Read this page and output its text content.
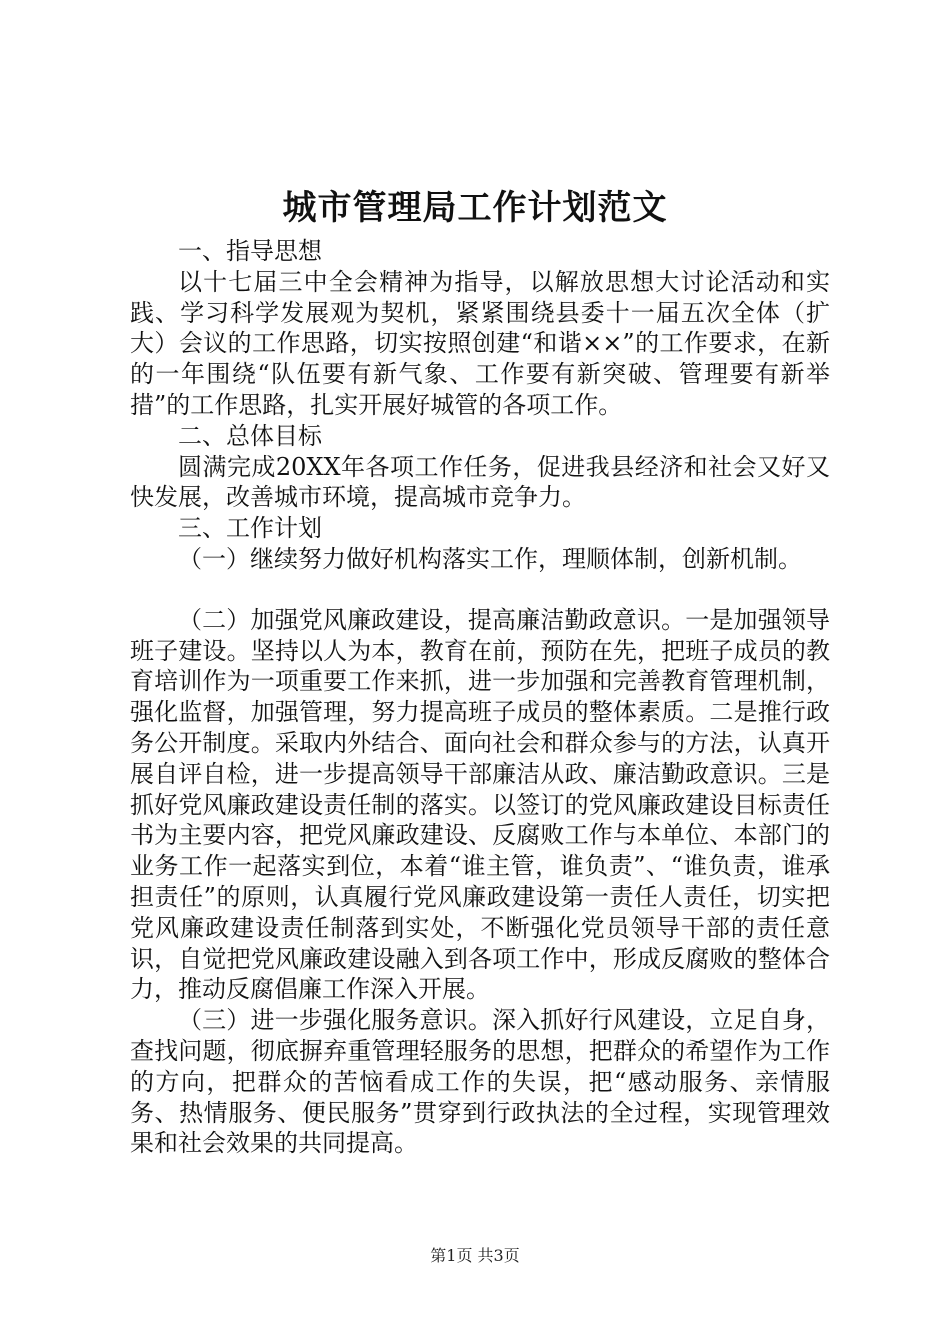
城市管理局工作计划范文

一、指导思想

以十七届三中全会精神为指导，以解放思想大讨论活动和实践、学习科学发展观为契机，紧紧围绕县委十一届五次全体（扩大）会议的工作思路，切实按照创建“和谐××”的工作要求，在新的一年围绕“队伍要有新气象、工作要有新突破、管理要有新举措”的工作思路，扎实开展好城管的各项工作。

二、总体目标

圆满完成20XX年各项工作任务，促进我县经济和社会又好又快发展，改善城市环境，提高城市竞争力。

三、工作计划

（一）继续努力做好机构落实工作，理顺体制，创新机制。

（二）加强党风廉政建设，提高廉洁勤政意识。一是加强领导班子建设。坚持以人为本，教育在前，预防在先，把班子成员的教育培训作为一项重要工作来抓，进一步加强和完善教育管理机制，强化监督，加强管理，努力提高班子成员的整体素质。二是推行政务公开制度。采取内外结合、面向社会和群众参与的方法，认真开展自评自检，进一步提高领导干部廉洁从政、廉洁勤政意识。三是抓好党风廉政建设责任制的落实。以签订的党风廉政建设目标责任书为主要内容，把党风廉政建设、反腐败工作与本单位、本部门的业务工作一起落实到位，本着“谁主管，谁负责”、“谁负责，谁承担责任”的原则，认真履行党风廉政建设第一责任人责任，切实把党风廉政建设责任制落到实处，不断强化党员领导干部的责任意识，自觉把党风廉政建设融入到各项工作中，形成反腐败的整体合力，推动反腐倡廉工作深入开展。

（三）进一步强化服务意识。深入抓好行风建设，立足自身，查找问题，彻底摒弃重管理轻服务的思想，把群众的希望作为工作的方向，把群众的苦恼看成工作的失误，把“感动服务、亲情服务、热情服务、便民服务”贯穿到行政执法的全过程，实现管理效果和社会效果的共同提高。

第1页 共3页
